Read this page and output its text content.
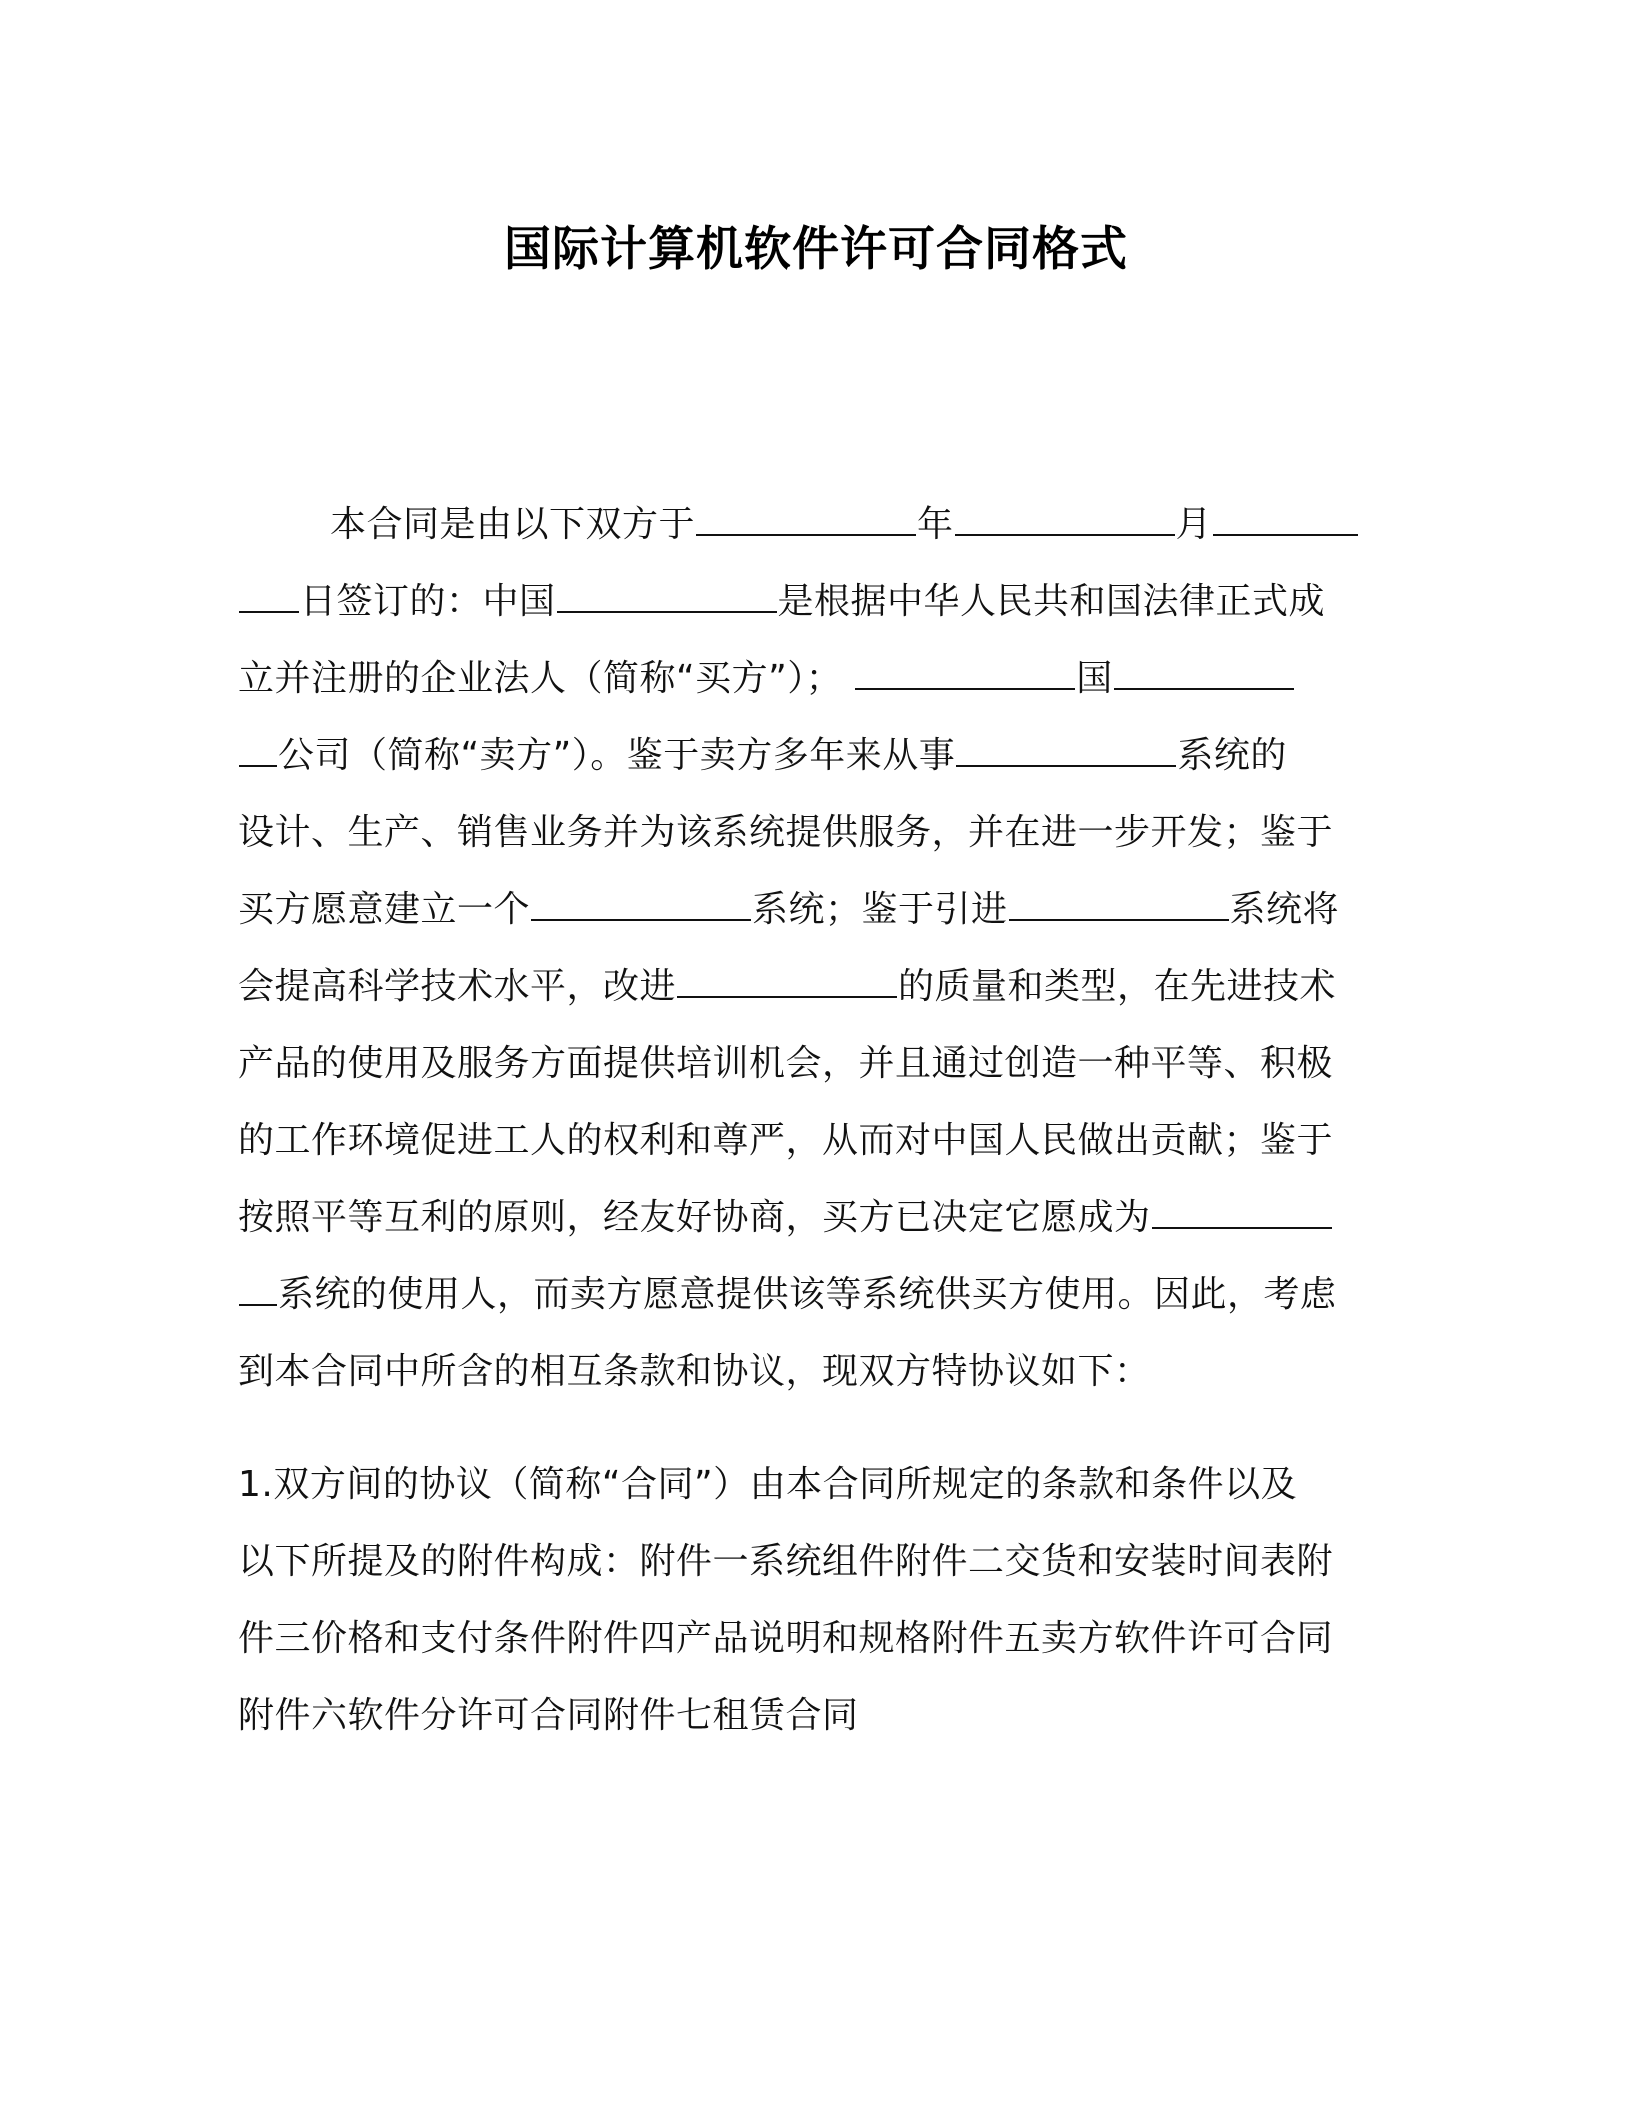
国际计算机软件许可合同格式
本合同是由以下双方于	年	月
日签订的：中国	是根据中华人民共和国法律正式成
立并注册的企业法人（简称“买方”）；	国
公司（简称“卖方”）。鉴于卖方多年来从事	系统的
设计、生产、销售业务并为该系统提供服务，并在进一步开发；鉴于
买方愿意建立一个	系统；鉴于引进	系统将
会提高科学技术水平，改进	的质量和类型，在先进技术
产品的使用及服务方面提供培训机会，并且通过创造一种平等、积极
的工作环境促进工人的权利和尊严，从而对中国人民做出贡献；鉴于
按照平等互利的原则，经友好协商，买方已决定它愿成为
系统的使用人，而卖方愿意提供该等系统供买方使用。因此，考虑
到本合同中所含的相互条款和协议，现双方特协议如下：
1.双方间的协议（简称“合同”）由本合同所规定的条款和条件以及
以下所提及的附件构成：附件一系统组件附件二交货和安装时间表附
件三价格和支付条件附件四产品说明和规格附件五卖方软件许可合同
附件六软件分许可合同附件七租赁合同
